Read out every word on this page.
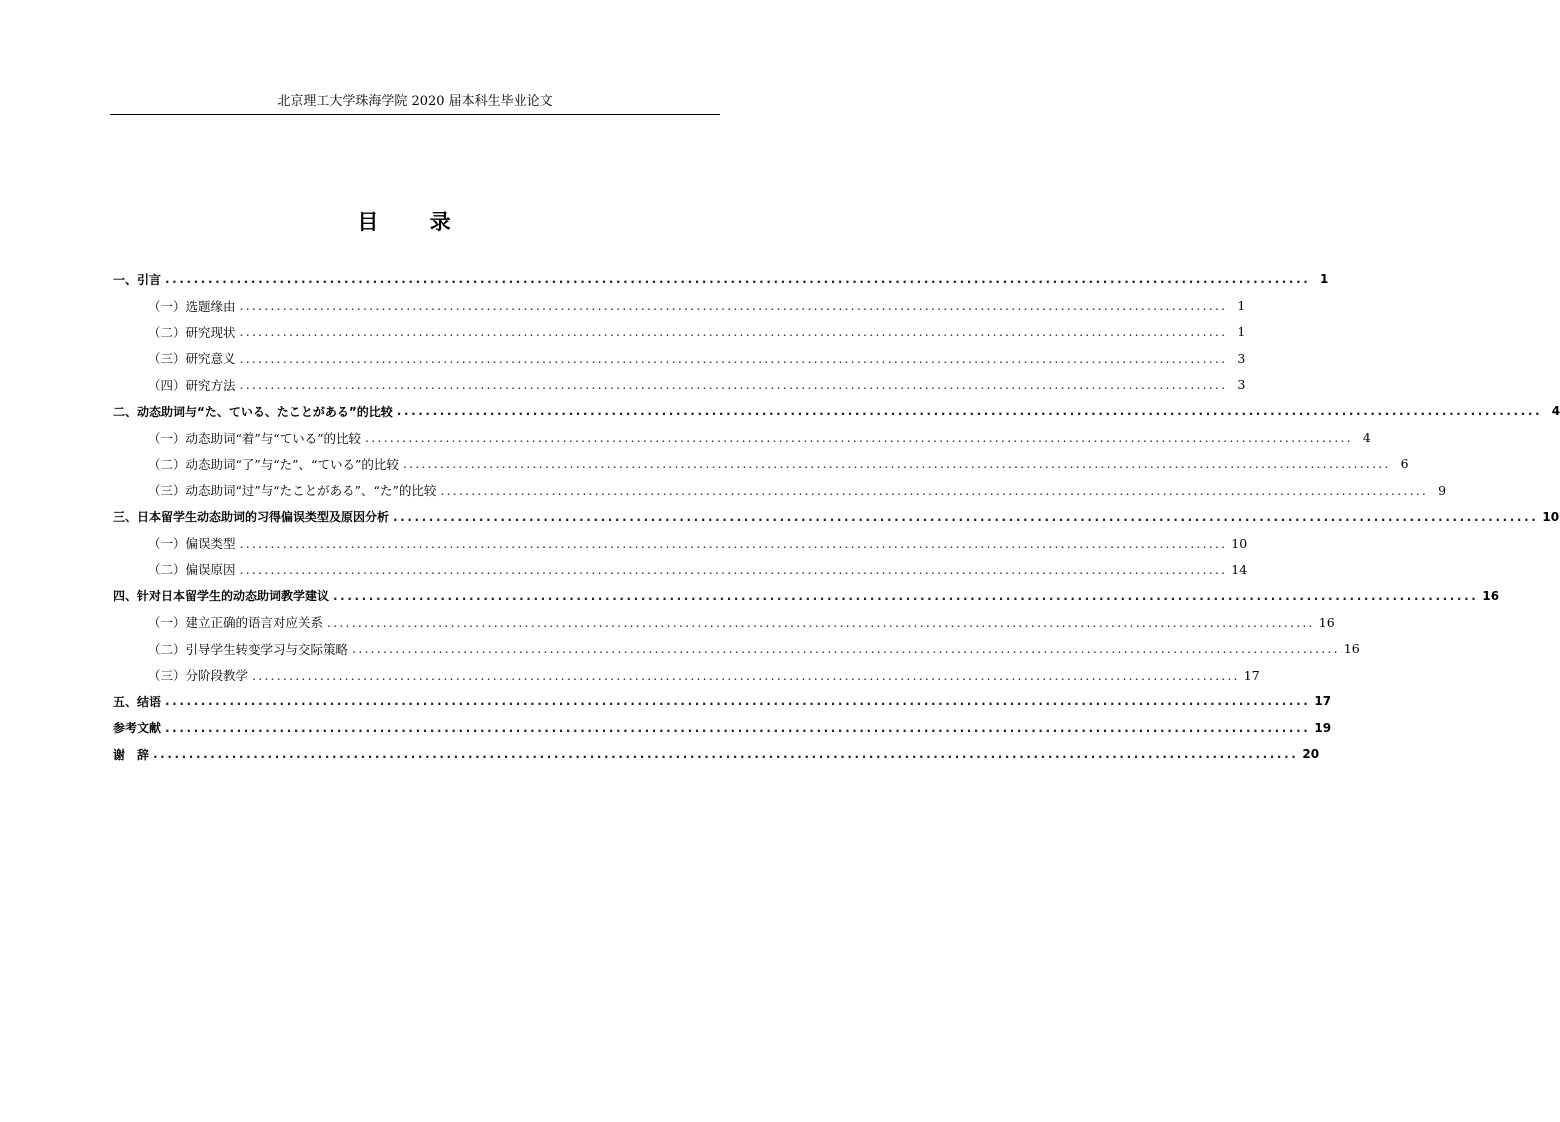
北京理工大学珠海学院 2020 届本科生毕业论文
目 录
一、引言 ................................................................................................................................................................ 1
（一）选题缘由 ................................................................................................................................................................ 1
（二）研究现状 ................................................................................................................................................................ 1
（三）研究意义 ................................................................................................................................................................ 3
（四）研究方法 ................................................................................................................................................................ 3
二、动态助词与“た、ている、たことがある”的比较 ................................................................................................................................................................ 4
（一）动态助词“着”与“ている”的比较 ................................................................................................................................................................ 4
（二）动态助词“了”与“た”、“ている”的比较 ................................................................................................................................................................ 6
（三）动态助词“过”与“たことがある”、“た”的比较 ................................................................................................................................................................ 9
三、日本留学生动态助词的习得偏误类型及原因分析 ................................................................................................................................................................ 10
（一）偏误类型 ................................................................................................................................................................ 10
（二）偏误原因 ................................................................................................................................................................ 14
四、针对日本留学生的动态助词教学建议 ................................................................................................................................................................ 16
（一）建立正确的语言对应关系 ................................................................................................................................................................ 16
（二）引导学生转变学习与交际策略 ................................................................................................................................................................ 16
（三）分阶段教学 ................................................................................................................................................................ 17
五、结语 ................................................................................................................................................................ 17
参考文献 ................................................................................................................................................................ 19
谢　辞 ................................................................................................................................................................ 20
